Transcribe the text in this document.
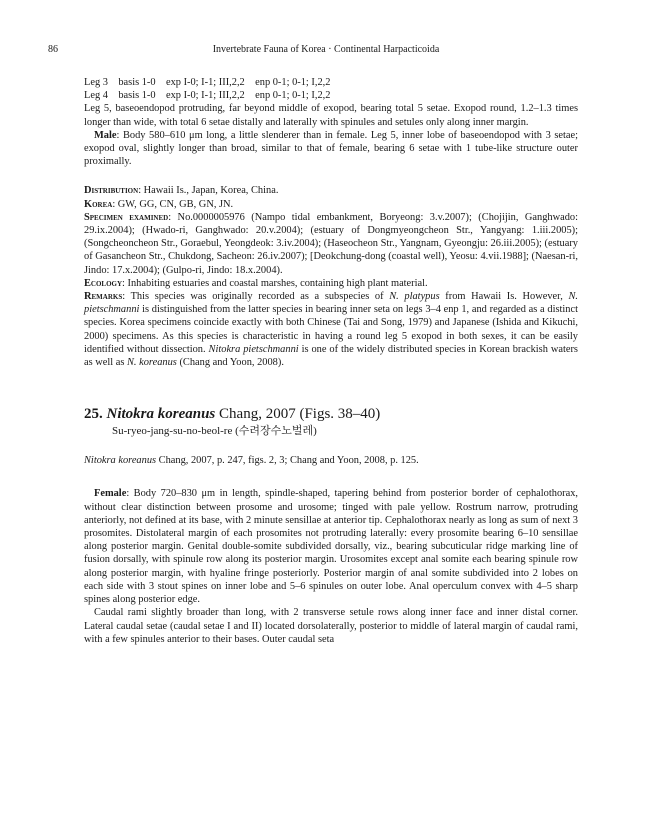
86	Invertebrate Fauna of Korea · Continental Harpacticoida
Leg 3 basis 1-0 exp I-0; I-1; III,2,2 enp 0-1; 0-1; I,2,2
Leg 4 basis 1-0 exp I-0; I-1; III,2,2 enp 0-1; 0-1; I,2,2

Leg 5, baseoendopod protruding, far beyond middle of exopod, bearing total 5 setae. Exopod round, 1.2–1.3 times longer than wide, with total 6 setae distally and laterally with spinules and setules only along inner margin.

Male: Body 580–610 μm long, a little slenderer than in female. Leg 5, inner lobe of baseoendopod with 3 setae; exopod oval, slightly longer than broad, similar to that of female, bearing 6 setae with 1 tube-like structure outer proximally.

Distribution: Hawaii Is., Japan, Korea, China.

Korea: GW, GG, CN, GB, GN, JN.

Specimen examined: No.0000005976 (Nampo tidal embankment, Boryeong: 3.v.2007); (Chojijin, Ganghwado: 29.ix.2004); (Hwado-ri, Ganghwado: 20.v.2004); (estuary of Dongmyeongcheon Str., Yangyang: 1.iii.2005); (Songcheoncheon Str., Goraebul, Yeongdeok: 3.iv.2004); (Haseocheon Str., Yangnam, Gyeongju: 26.iii.2005); (estuary of Gasancheon Str., Chukdong, Sacheon: 26.iv.2007); [Deokchung-dong (coastal well), Yeosu: 4.vii.1988]; (Naesan-ri, Jindo: 17.x.2004); (Gulpo-ri, Jindo: 18.x.2004).

Ecology: Inhabiting estuaries and coastal marshes, containing high plant material.

Remarks: This species was originally recorded as a subspecies of N. platypus from Hawaii Is. However, N. pietschmanni is distinguished from the latter species in bearing inner seta on legs 3–4 enp 1, and regarded as a distinct species. Korea specimens coincide exactly with both Chinese (Tai and Song, 1979) and Japanese (Ishida and Kikuchi, 2000) specimens. As this species is characteristic in having a round leg 5 exopod in both sexes, it can be easily identified without dissection. Nitokra pietschmanni is one of the widely distributed species in Korean brackish waters as well as N. koreanus (Chang and Yoon, 2008).

25. Nitokra koreanus Chang, 2007 (Figs. 38–40)
Su-ryeo-jang-su-no-beol-re (수려장수노벌레)

Nitokra koreanus Chang, 2007, p. 247, figs. 2, 3; Chang and Yoon, 2008, p. 125.

Female: Body 720–830 μm in length, spindle-shaped, tapering behind from posterior border of cephalothorax, without clear distinction between prosome and urosome; tinged with pale yellow. Rostrum narrow, protruding anteriorly, not defined at its base, with 2 minute sensillae at anterior tip. Cephalothorax nearly as long as sum of next 3 prosomites. Distolateral margin of each prosomites not protruding laterally: every prosomite bearing 6–10 sensillae along posterior margin. Genital double-somite subdivided dorsally, viz., bearing subcuticular ridge marking line of fusion dorsally, with spinule row along its posterior margin. Urosomites except anal somite each bearing spinule row along posterior margin, with hyaline fringe posteriorly. Posterior margin of anal somite subdivided into 2 lobes on each side with 3 stout spines on inner lobe and 5–6 spinules on outer lobe. Anal operculum convex with 4–5 sharp spines along posterior edge.

Caudal rami slightly broader than long, with 2 transverse setule rows along inner face and inner distal corner. Lateral caudal setae (caudal setae I and II) located dorsolaterally, posterior to middle of lateral margin of caudal rami, with a few spinules anterior to their bases. Outer caudal seta
